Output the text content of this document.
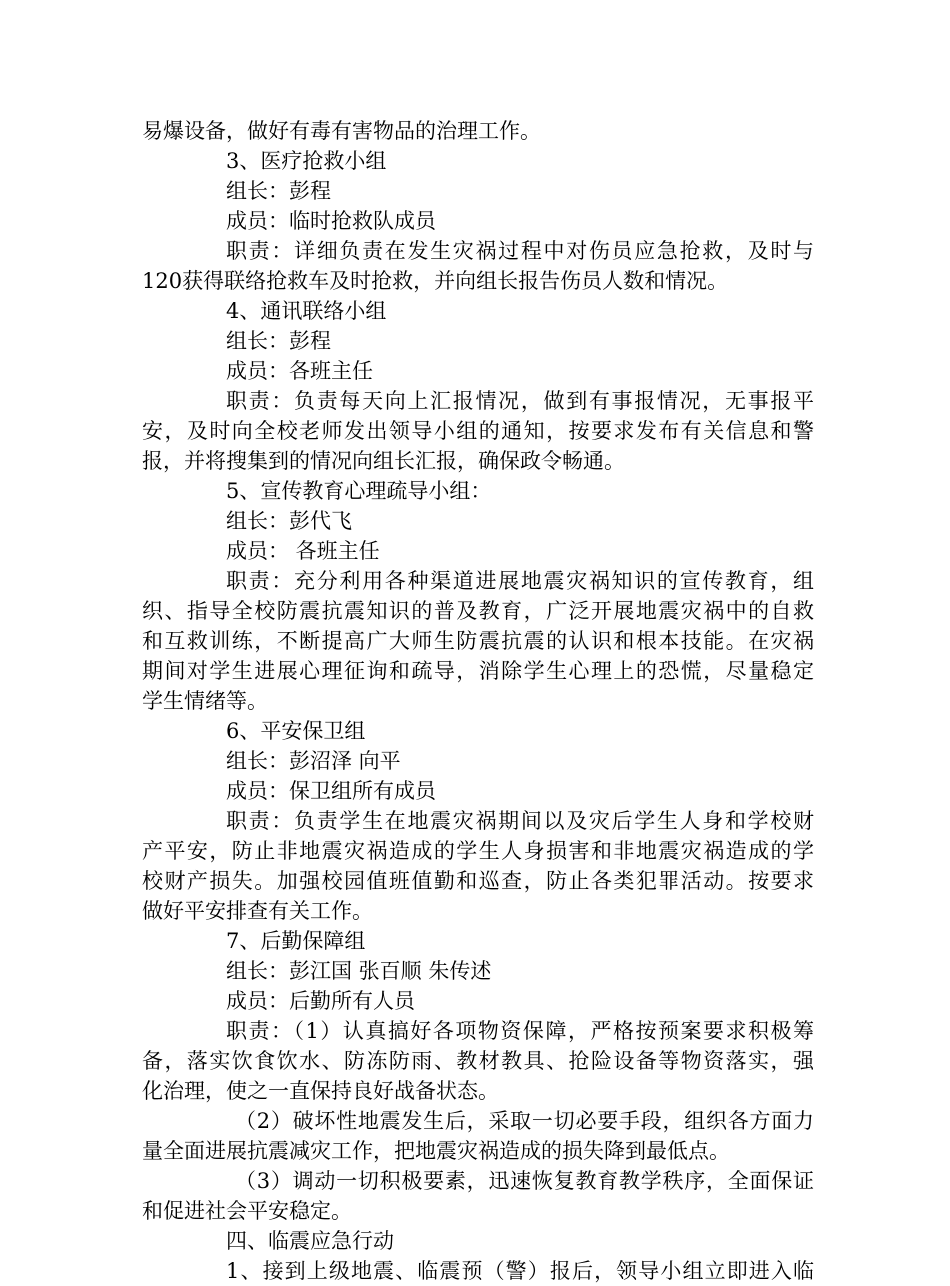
易爆设备，做好有毒有害物品的治理工作。
3、医疗抢救小组
组长：彭程
成员：临时抢救队成员
职责：详细负责在发生灾祸过程中对伤员应急抢救，及时与
120获得联络抢救车及时抢救，并向组长报告伤员人数和情况。
4、通讯联络小组
组长：彭程
成员：各班主任
职责：负责每天向上汇报情况，做到有事报情况，无事报平
安，及时向全校老师发出领导小组的通知，按要求发布有关信息和警
报，并将搜集到的情况向组长汇报，确保政令畅通。
5、宣传教育心理疏导小组：
组长：彭代飞
成员： 各班主任
职责：充分利用各种渠道进展地震灾祸知识的宣传教育，组
织、指导全校防震抗震知识的普及教育，广泛开展地震灾祸中的自救
和互救训练，不断提高广大师生防震抗震的认识和根本技能。在灾祸
期间对学生进展心理征询和疏导，消除学生心理上的恐慌，尽量稳定
学生情绪等。
6、平安保卫组
组长：彭沼泽 向平
成员：保卫组所有成员
职责：负责学生在地震灾祸期间以及灾后学生人身和学校财
产平安，防止非地震灾祸造成的学生人身损害和非地震灾祸造成的学
校财产损失。加强校园值班值勤和巡查，防止各类犯罪活动。按要求
做好平安排查有关工作。
7、后勤保障组
组长：彭江国 张百顺 朱传述
成员：后勤所有人员
职责：（1）认真搞好各项物资保障，严格按预案要求积极筹
备，落实饮食饮水、防冻防雨、教材教具、抢险设备等物资落实，强
化治理，使之一直保持良好战备状态。
（2）破坏性地震发生后，采取一切必要手段，组织各方面力
量全面进展抗震减灾工作，把地震灾祸造成的损失降到最低点。
（3）调动一切积极要素，迅速恢复教育教学秩序，全面保证
和促进社会平安稳定。
四、临震应急行动
1、接到上级地震、临震预（警）报后，领导小组立即进入临
